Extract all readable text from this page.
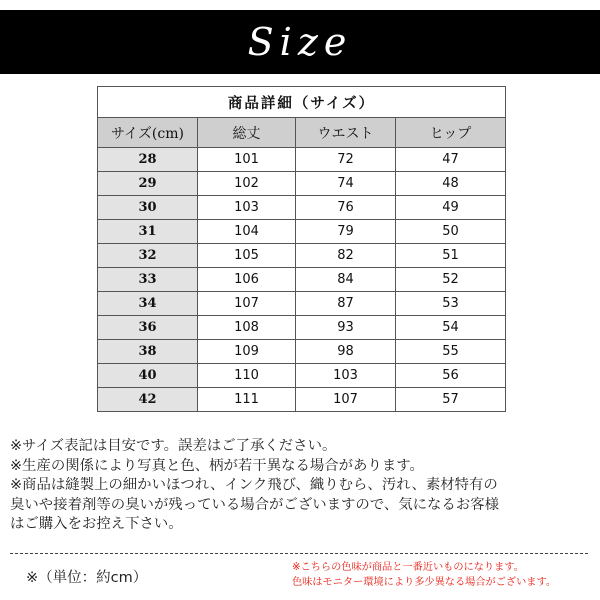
Size
商品詳細（サイズ）			
サイズ(cm)	総丈	ウエスト	ヒップ
28	101	72	47
29	102	74	48
30	103	76	49
31	104	79	50
32	105	82	51
33	106	84	52
34	107	87	53
36	108	93	54
38	109	98	55
40	110	103	56
42	111	107	57
※サイズ表記は目安です。誤差はご了承ください。
※生産の関係により写真と色、柄が若干異なる場合があります。
※商品は縫製上の細かいほつれ、インク飛び、織りむら、汚れ、素材特有の
臭いや接着剤等の臭いが残っている場合がございますので、気になるお客様
はご購入をお控え下さい。
※（単位：約cm）
※こちらの色味が商品と一番近いものになります。
色味はモニター環境により多少異なる場合がございます。
